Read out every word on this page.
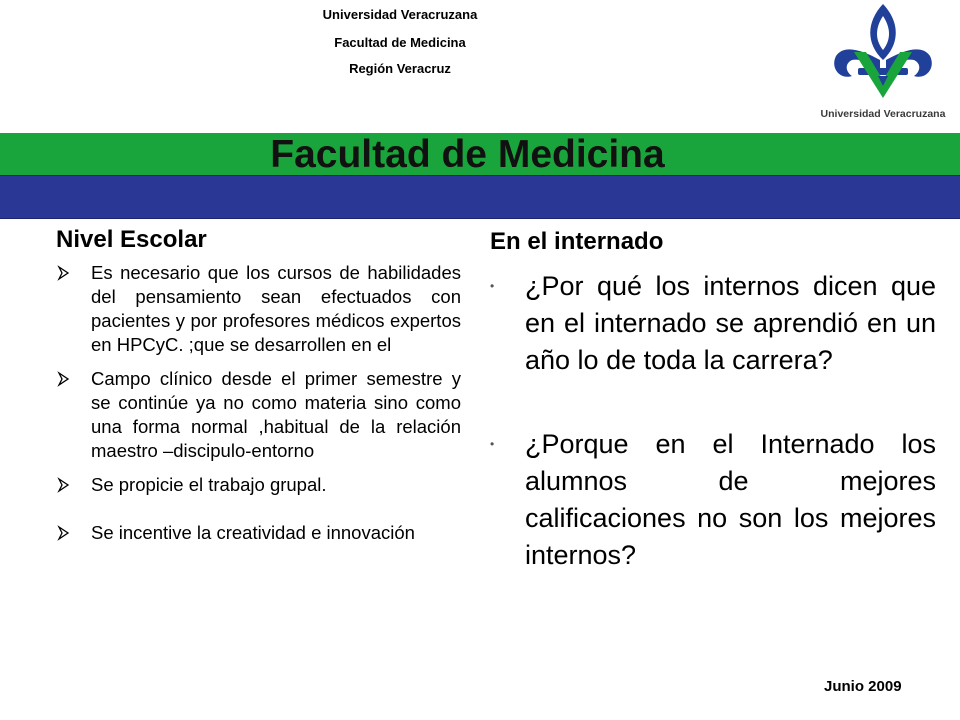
Universidad Veracruzana
Facultad de Medicina
Región Veracruz
Universidad Veracruzana
Facultad de Medicina
Nivel Escolar
Es necesario que los cursos de habilidades del pensamiento sean efectuados con pacientes y por profesores médicos expertos en HPCyC. ;que se desarrollen en el
Campo clínico desde el primer semestre y se continúe ya no como materia sino como una forma normal ,habitual de la relación maestro –discipulo-entorno
Se propicie el trabajo grupal.
Se incentive la creatividad e innovación
En el internado
• ¿Por qué los internos dicen que en el internado se aprendió en un año lo de toda la carrera?
• ¿Porque en el Internado los alumnos de mejores calificaciones no son los mejores internos?
Junio 2009
